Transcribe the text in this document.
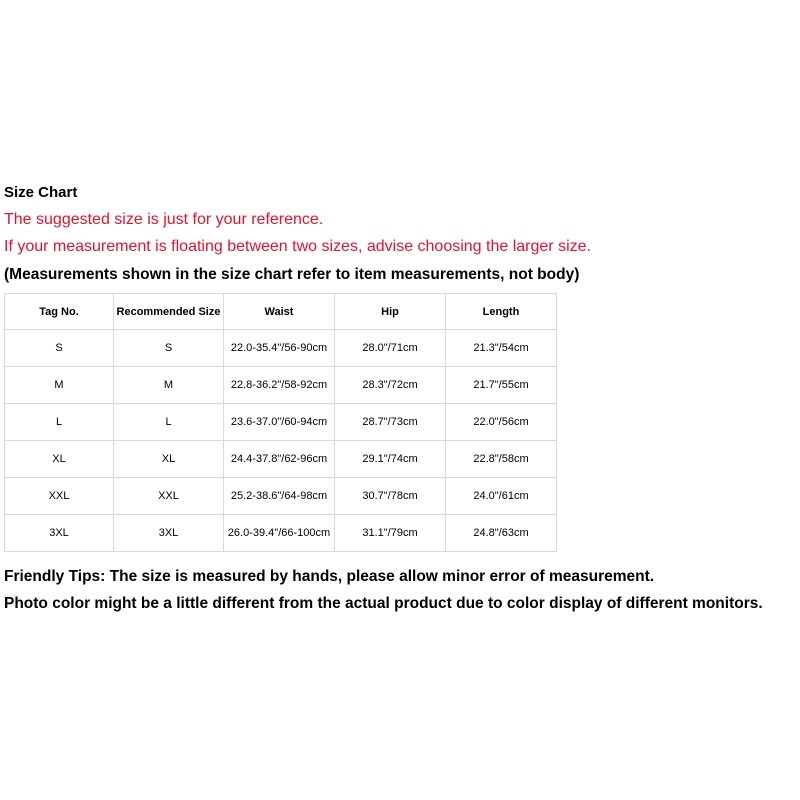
Size Chart
The suggested size is just for your reference.
If your measurement is floating between two sizes, advise choosing the larger size.
(Measurements shown in the size chart refer to item measurements, not body)
Tag No.	Recommended Size	Waist	Hip	Length
S	S	22.0-35.4"/56-90cm	28.0"/71cm	21.3"/54cm
M	M	22.8-36.2"/58-92cm	28.3"/72cm	21.7"/55cm
L	L	23.6-37.0"/60-94cm	28.7"/73cm	22.0"/56cm
XL	XL	24.4-37.8"/62-96cm	29.1"/74cm	22.8"/58cm
XXL	XXL	25.2-38.6"/64-98cm	30.7"/78cm	24.0"/61cm
3XL	3XL	26.0-39.4"/66-100cm	31.1"/79cm	24.8"/63cm
Friendly Tips: The size is measured by hands, please allow minor error of measurement.
Photo color might be a little different from the actual product due to color display of different monitors.
